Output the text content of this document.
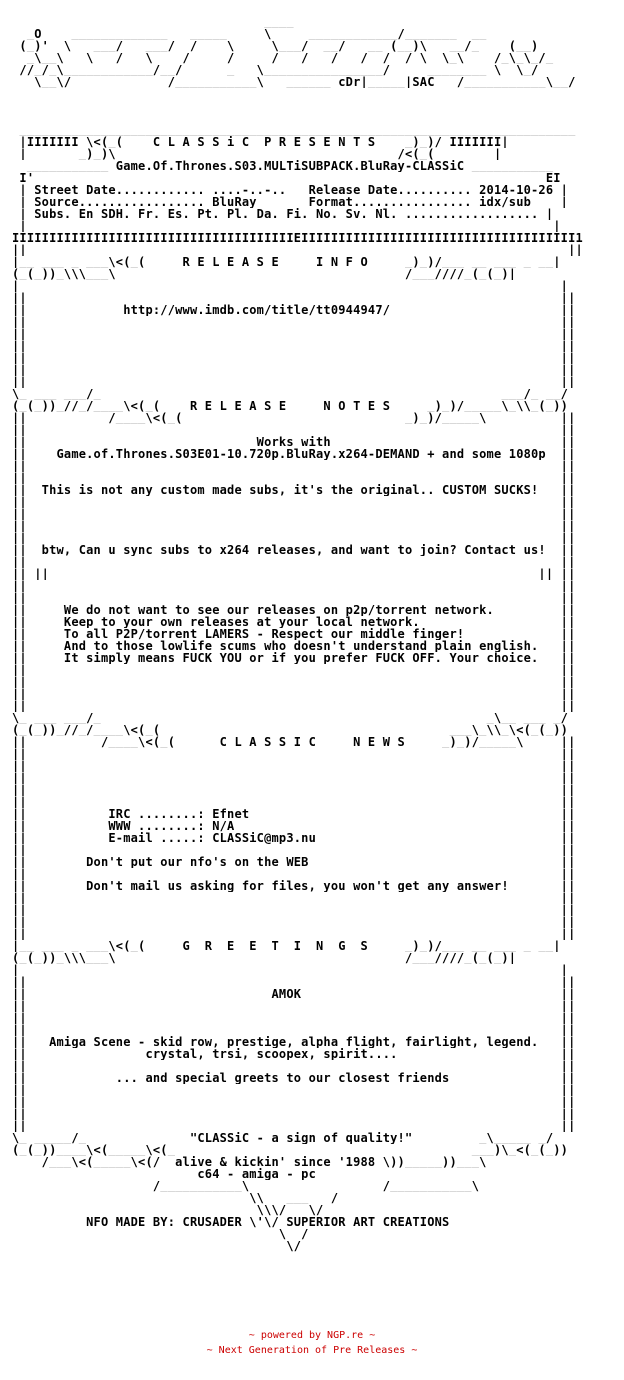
____
_O    _____________   _____     \     ____________/_______  __
(_)'  \   ___/   ___/  /    \     \___/  __/   __ (__)\   __/_    (__)
_\__\   \   /   \    /     /     /   /   /   /  /  / \  \_\    /_\_\_/_
//_/_\____________/__/      _   \________________/     ________ \  \_/
\__\/             /___________\   ______ cDr|_____|SAC   /___________\__/

___________________________________________________________________________
|IIIIIII \<(_(    C L A S S i C  P R E S E N T S    _)_)/ IIIIIII|
|       _)_)\                                      /<(_(        |
___________ Game.Of.Thrones.S03.MULTiSUBPACK.BluRay-CLASSiC ___________
I'                                                                     EI
| Street Date............ ....-..-..   Release Date.......... 2014-10-26 |
| Source................. BluRay       Format................ idx/sub    |
| Subs. En SDH. Fr. Es. Pt. Pl. Da. Fi. No. Sv. Nl. .................. |
|                                                                       |
IIIIIIIIIIIIIIIIIIIIIIIIIIIIIIIIIIIIIIEIIIIIIIIIIIIIIIIIIIIIIIIIIIIIIIIIIIII1
||                                                                         ||
|__ ___ _ ___\<(_(     R E L E A S E     I N F O     _)_)/___ __ ___ _ __|
(_(_))_\\\___\                                       /___////_(_(_)|
|                                                                         |
||                                                                        ||
||             http://www.imdb.com/title/tt0944947/                       ||
||                                                                        ||
||                                                                        ||
||                                                                        ||
||                                                                        ||
||                                                                        ||
||                                                                        ||
\_ ___ ___/_                                                      ___/_ __/
(_(_))_//_/____\<(_(    R E L E A S E     N O T E S     _)_)/_____\_\\_(_))
||           /____\<(_(                              _)_)/_____\          ||
||                                                                        ||
||                               Works with                               ||
||    Game.of.Thrones.S03E01-10.720p.BluRay.x264-DEMAND + and some 1080p  ||
||                                                                        ||
||                                                                        ||
||  This is not any custom made subs, it's the original.. CUSTOM SUCKS!   ||
||                                                                        ||
||                                                                        ||
||                                                                        ||
||                                                                        ||
||  btw, Can u sync subs to x264 releases, and want to join? Contact us!  ||
||                                                                        ||
|| ||                                                                  || ||
||                                                                        ||
||                                                                        ||
||     We do not want to see our releases on p2p/torrent network.         ||
||     Keep to your own releases at your local network.                   ||
||     To all P2P/torrent LAMERS - Respect our middle finger!             ||
||     And to those lowlife scums who doesn't understand plain english.   ||
||     It simply means FUCK YOU or if you prefer FUCK OFF. Your choice.   ||
||                                                                        ||
||                                                                        ||
||                                                                        ||
||                                                                        ||
\_ ___ ___/_                                                    _\__ ___ _/
(_(_))_//_/____\<(_(                                       ___\_\\_\<(_(_))
||          /____\<(_(      C L A S S I C     N E W S     _)_)/_____\     ||
||                                                                        ||
||                                                                        ||
||                                                                        ||
||                                                                        ||
||                                                                        ||
||           IRC ........: Efnet                                          ||
||           WWW ........: N/A                                            ||
||           E-mail .....: CLASSiC@mp3.nu                                 ||
||                                                                        ||
||        Don't put our nfo's on the WEB                                  ||
||                                                                        ||
||        Don't mail us asking for files, you won't get any answer!       ||
||                                                                        ||
||                                                                        ||
||                                                                        ||
||                                                                        ||
|__ ___ _ ___\<(_(     G  R  E  E  T  I  N  G  S     _)_)/___ __ ___ _ __|
(_(_))_\\\___\                                       /___////_(_(_)|
|                                                                         |
||                                                                        ||
||                                 AMOK                                   ||
||                                                                        ||
||                                                                        ||
||                                                                        ||
||   Amiga Scene - skid row, prestige, alpha flight, fairlight, legend.   ||
||                crystal, trsi, scoopex, spirit....                      ||
||                                                                        ||
||            ... and special greets to our closest friends               ||
||                                                                        ||
||                                                                        ||
||                                                                        ||
||                                                                        ||
\_ _____/_              "CLASSiC - a sign of quality!"         _\_____ _/
(_(_))____\<(_____\<(_                                        ___)\_<(_(_))
/___\<(_____\<(/  alive & kickin' since '1988 \))_____))___\
c64 - amiga - pc
/___________\                  /___________\
\\   ___   /
\\\/   \/
NFO MADE BY: CRUSADER \'\/ SUPERIOR ART CREATIONS
\  /
\/
~ powered by NGP.re ~
~ Next Generation of Pre Releases ~
